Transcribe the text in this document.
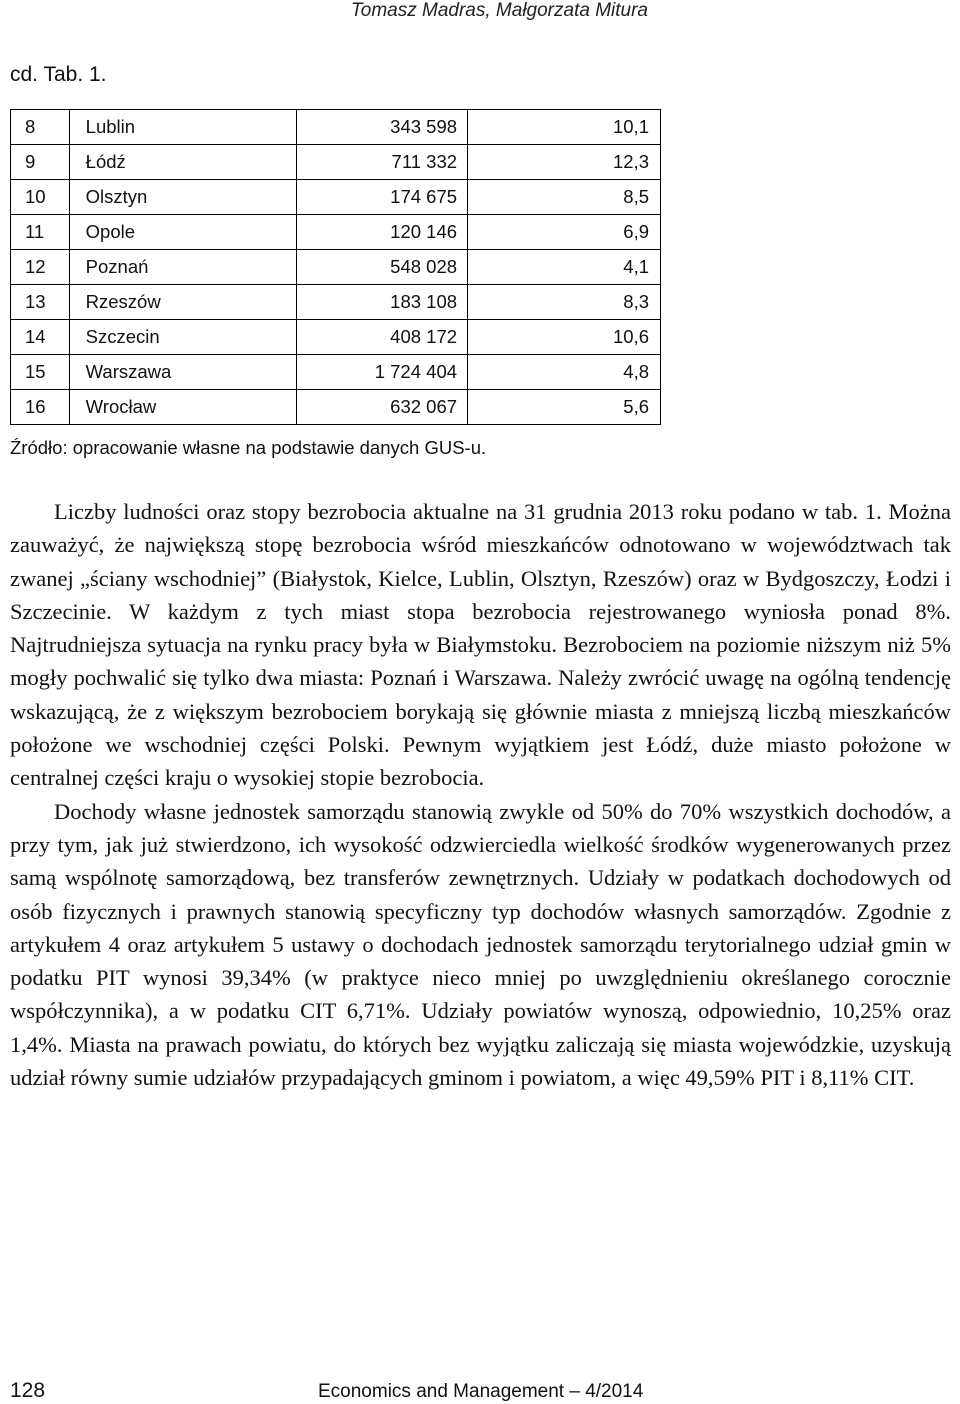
Tomasz Madras, Małgorzata Mitura
cd. Tab. 1.
8	Lublin	343 598	10,1
9	Łódź	711 332	12,3
10	Olsztyn	174 675	8,5
11	Opole	120 146	6,9
12	Poznań	548 028	4,1
13	Rzeszów	183 108	8,3
14	Szczecin	408 172	10,6
15	Warszawa	1 724 404	4,8
16	Wrocław	632 067	5,6
Źródło: opracowanie własne na podstawie danych GUS-u.

Liczby ludności oraz stopy bezrobocia aktualne na 31 grudnia 2013 roku podano w tab. 1. Można zauważyć, że największą stopę bezrobocia wśród mieszkańców odnotowano w województwach tak zwanej „ściany wschodniej” (Białystok, Kielce, Lublin, Olsztyn, Rzeszów) oraz w Bydgoszczy, Łodzi i Szczecinie. W każdym z tych miast stopa bezrobocia rejestrowanego wyniosła ponad 8%. Najtrudniejsza sytuacja na rynku pracy była w Białymstoku. Bezrobociem na poziomie niższym niż 5% mogły pochwalić się tylko dwa miasta: Poznań i Warszawa. Należy zwrócić uwagę na ogólną tendencję wskazującą, że z większym bezrobociem borykają się głównie miasta z mniejszą liczbą mieszkańców położone we wschodniej części Polski. Pewnym wyjątkiem jest Łódź, duże miasto położone w centralnej części kraju o wysokiej stopie bezrobocia.

Dochody własne jednostek samorządu stanowią zwykle od 50% do 70% wszystkich dochodów, a przy tym, jak już stwierdzono, ich wysokość odzwierciedla wielkość środków wygenerowanych przez samą wspólnotę samorządową, bez transferów zewnętrznych. Udziały w podatkach dochodowych od osób fizycznych i prawnych stanowią specyficzny typ dochodów własnych samorządów. Zgodnie z artykułem 4 oraz artykułem 5 ustawy o dochodach jednostek samorządu terytorialnego udział gmin w podatku PIT wynosi 39,34% (w praktyce nieco mniej po uwzględnieniu określanego corocznie współczynnika), a w podatku CIT 6,71%. Udziały powiatów wynoszą, odpowiednio, 10,25% oraz 1,4%. Miasta na prawach powiatu, do których bez wyjątku zaliczają się miasta wojewódzkie, uzyskują udział równy sumie udziałów przypadających gminom i powiatom, a więc 49,59% PIT i 8,11% CIT.

128	Economics and Management – 4/2014
